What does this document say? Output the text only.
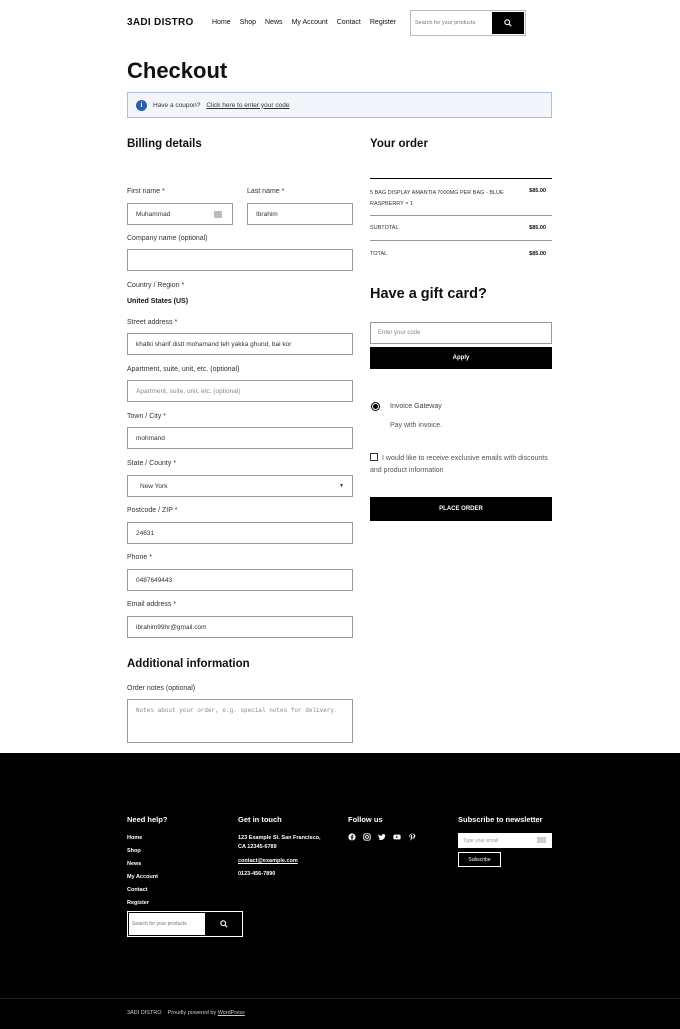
3ADI DISTRO	Home Shop News My Account Contact Register
Search for your products
Checkout
i	Have a coupon? Click here to enter your code
Billing details
First name *
Muhammad
Last name *
Ibrahim
Company name (optional)
Country / Region *
United States (US)
Street address *
khatki sharif distt mohamand teh yakka ghund, bai kor
Apartment, suite, unit, etc. (optional)
Apartment, suite, unit, etc. (optional)
Town / City *
mohmand
State / County *
New York	▼
Postcode / ZIP *
24631
Phone *
0487649443
Email address *
ibrahim99hr@gmail.com
Additional information
Order notes (optional)
Notes about your order, e.g. special notes for delivery.
Your order
5 BAG DISPLAY AMANTIA 7000MG PER BAG - BLUE RASPBERRY × 1
$85.00
SUBTOTAL	$85.00
TOTAL	$85.00
Have a gift card?
Enter your code
Apply
Invoice Gateway
Pay with invoice.
I would like to receive exclusive emails with discounts and product information
PLACE ORDER
Need help?
Home
Shop
News
My Account
Contact
Register
Search for your products
Get in touch
123 Example St. San Francisco, CA 12345-6789
contact@example.com
0123-456-7890
Follow us	Subscribe to newsletter
Type your email
Subscribe
3ADI DISTRO Proudly powered by WordPress
